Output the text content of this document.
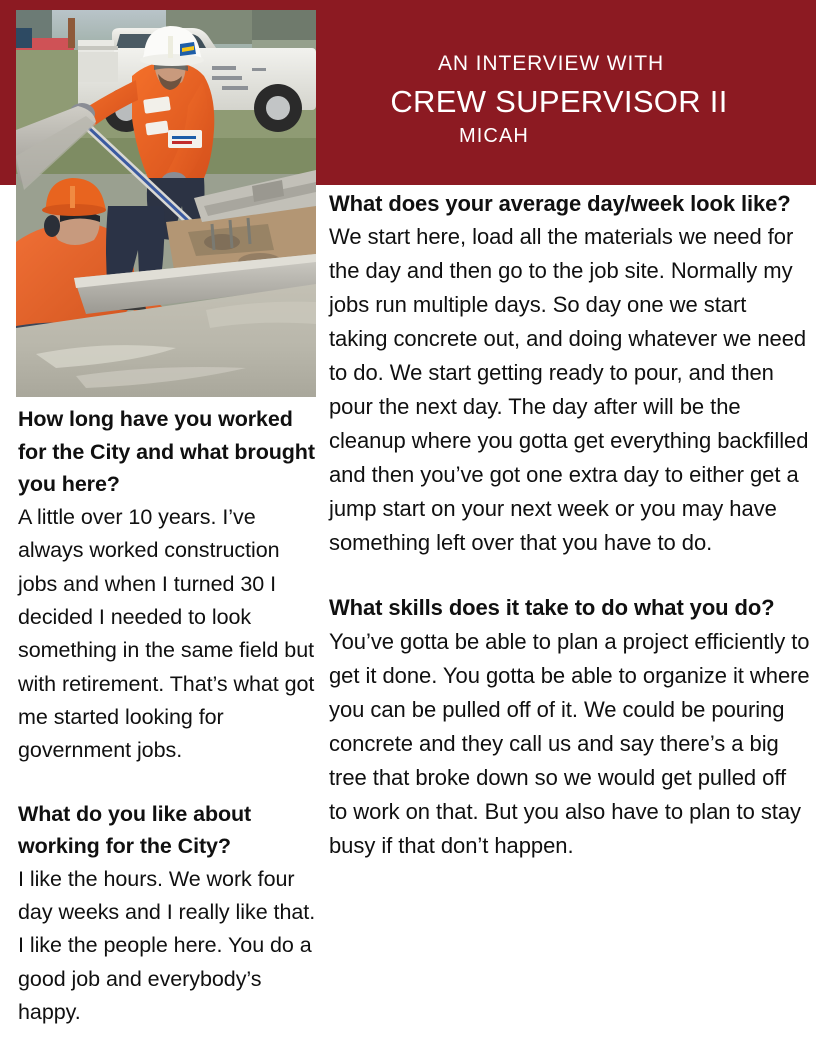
AN INTERVIEW WITH
CREW SUPERVISOR II
MICAH

How long have you worked for the City and what brought you here?

A little over 10 years. I’ve always worked construction jobs and when I turned 30 I decided I needed to look something in the same field but with retirement. That’s what got me started looking for government jobs.

What do you like about working for the City?

I like the hours. We work four day weeks and I really like that. I like the people here. You do a good job and everybody’s happy.

What does your average day/week look like?

We start here, load all the materials we need for the day and then go to the job site. Normally my jobs run multiple days. So day one we start taking concrete out, and doing whatever we need to do. We start getting ready to pour, and then pour the next day. The day after will be the cleanup where you gotta get everything backfilled and then you’ve got one extra day to either get a jump start on your next week or you may have something left over that you have to do.

What skills does it take to do what you do?

You’ve gotta be able to plan a project efficiently to get it done. You gotta be able to organize it where you can be pulled off of it. We could be pouring concrete and they call us and say there’s a big tree that broke down so we would get pulled off to work on that. But you also have to plan to stay busy if that don’t happen.
